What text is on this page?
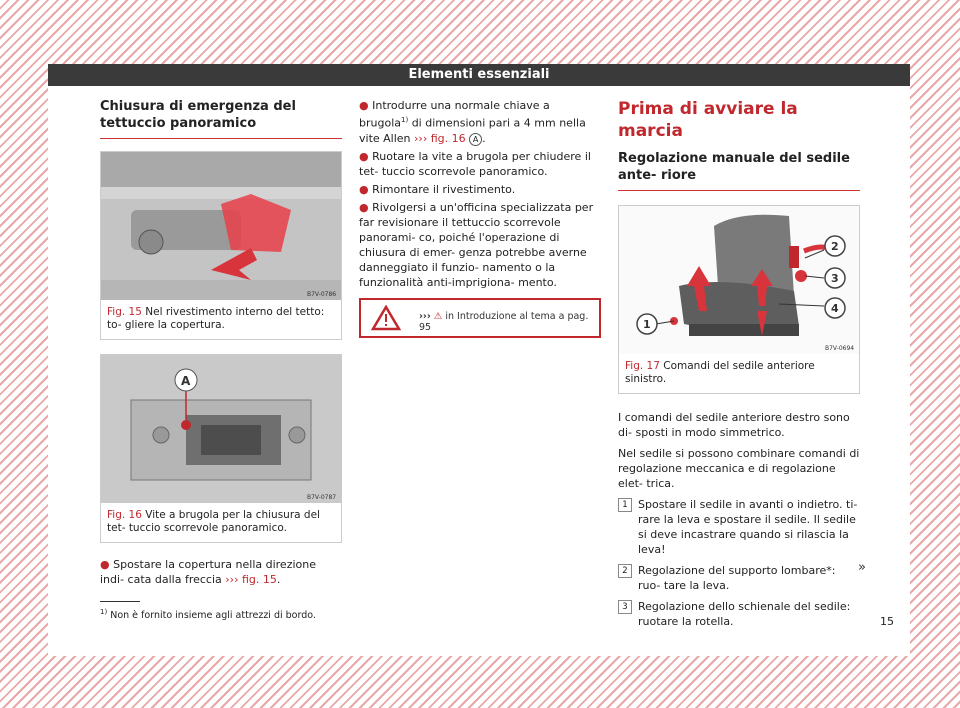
Elementi essenziali
Chiusura di emergenza del tettuccio panoramico
B7V-0786
Fig. 15 Nel rivestimento interno del tetto: to- gliere la copertura.
A
B7V-0787
Fig. 16 Vite a brugola per la chiusura del tet- tuccio scorrevole panoramico.
● Spostare la copertura nella direzione indi- cata dalla freccia ››› fig. 15.
● Introdurre una normale chiave a brugola$^{1)}$ di dimensioni pari a 4 mm nella vite Allen ››› fig. 16 A .
● Ruotare la vite a brugola per chiudere il tet- tuccio scorrevole panoramico.
● Rimontare il rivestimento.
● Rivolgersi a un'officina specializzata per far revisionare il tettuccio scorrevole panorami- co, poiché l'operazione di chiusura di emer- genza potrebbe averne danneggiato il funzio- namento o la funzionalità anti-imprigiona- mento.
››› ⚠ in Introduzione al tema a pag. 95
Prima di avviare la marcia
Regolazione manuale del sedile ante- riore
1
2
3
4
B7V-0694
Fig. 17 Comandi del sedile anteriore sinistro.

I comandi del sedile anteriore destro sono di- sposti in modo simmetrico.

Nel sedile si possono combinare comandi di regolazione meccanica e di regolazione elet- trica.

1 Spostare il sedile in avanti o indietro. ti- rare la leva e spostare il sedile. Il sedile si deve incastrare quando si rilascia la leva!
2 Regolazione del supporto lombare*: ruo- tare la leva.
3 Regolazione dello schienale del sedile: ruotare la rotella.
»
$^{1)}$ Non è fornito insieme agli attrezzi di bordo.	15
